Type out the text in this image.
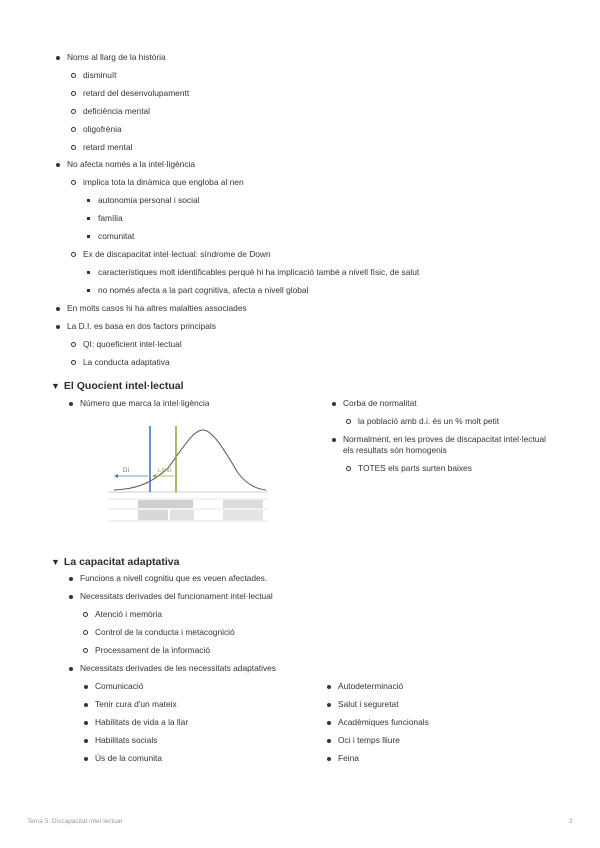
Noms al llarg de la història
disminuït
retard del desenvolupamentt
deficiència mental
oligofrènia
retard mental
No afecta només a la intel·ligència
implica tota la dinàmica que engloba al nen
autonomia personal i social
família
comunitat
Ex de discapacitat intel·lectual: síndrome de Down
característiques molt identificables perquè hi ha implicació també a nivell físic, de salut
no només afecta a la part cognitiva, afecta a nivell global
En molts casos hi ha altres malalties associades
La D.I. es basa en dos factors principals
QI: quoeficient intel·lectual
La conducta adaptativa
▼ El Quocient intel·lectual
Número que marca la intel·ligència
DI	Límit
Corba de normalitat
la població amb d.i. és un % molt petit
Normalment, en les proves de discapacitat intel·lectual els resultats són homogenis
TOTES els parts surten baixes
▼ La capacitat adaptativa
Funcions a nivell cognitiu que es veuen afectades.
Necessitats derivades del funcionament intel·lectual
Atenció i memòria
Control de la conducta i metacognició
Processament de la informació
Necessitats derivades de les necessitats adaptatives
Comunicació
Tenir cura d'un mateix
Habilitats de vida a la llar
Habilitats socials
Ús de la comunita
Autodeterminació
Salut i seguretat
Acadèmiques funcionals
Oci i temps lliure
Feina
Tema 5: Discapacitat intel·lectual	2
